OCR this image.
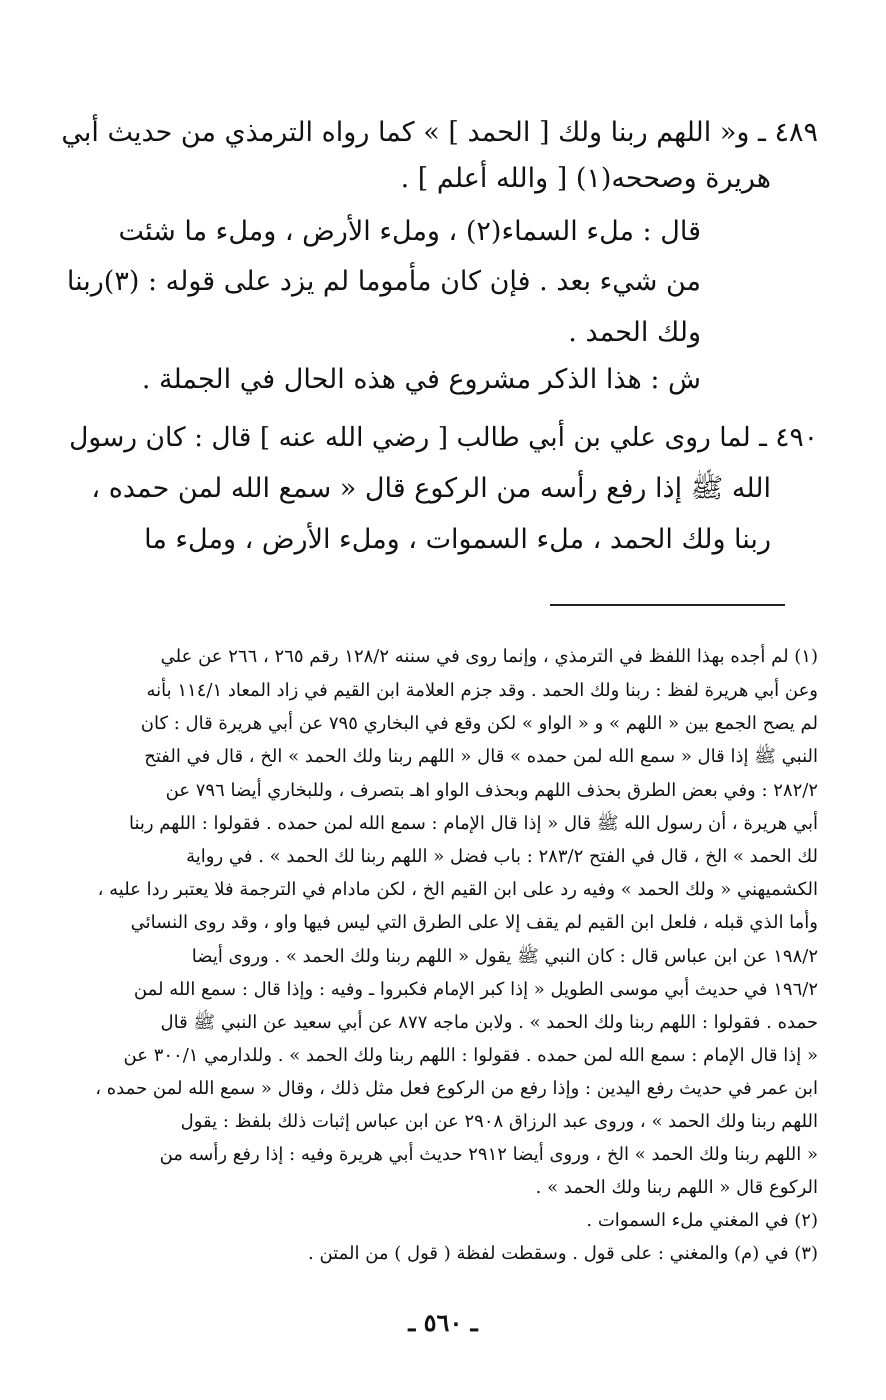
٤٨٩ ـ و« اللهم ربنا ولك [ الحمد ] » كما رواه الترمذي من حديث أبي
هريرة وصححه(١) [ والله أعلم ] .
قال : ملء السماء(٢) ، وملء الأرض ، وملء ما شئت
من شيء بعد . فإن كان مأموما لم يزد على قوله : (٣)ربنا
ولك الحمد .
ش : هذا الذكر مشروع في هذه الحال في الجملة .
٤٩٠ ـ لما روى علي بن أبي طالب [ رضي الله عنه ] قال : كان رسول
الله ﷺ إذا رفع رأسه من الركوع قال « سمع الله لمن حمده ،
ربنا ولك الحمد ، ملء السموات ، وملء الأرض ، وملء ما
(١) لم أجده بهذا اللفظ في الترمذي ، وإنما روى في سننه ١٢٨/٢ رقم ٢٦٥ ، ٢٦٦ عن علي
وعن أبي هريرة لفظ : ربنا ولك الحمد . وقد جزم العلامة ابن القيم في زاد المعاد ١١٤/١ بأنه
لم يصح الجمع بين « اللهم » و « الواو » لكن وقع في البخاري ٧٩٥ عن أبي هريرة قال : كان
النبي ﷺ إذا قال « سمع الله لمن حمده » قال « اللهم ربنا ولك الحمد » الخ ، قال في الفتح
٢٨٢/٢ : وفي بعض الطرق بحذف اللهم وبحذف الواو اهـ بتصرف ، وللبخاري أيضا ٧٩٦ عن
أبي هريرة ، أن رسول الله ﷺ قال « إذا قال الإمام : سمع الله لمن حمده . فقولوا : اللهم ربنا
لك الحمد » الخ ، قال في الفتح ٢٨٣/٢ : باب فضل « اللهم ربنا لك الحمد » . في رواية
الكشميهني « ولك الحمد » وفيه رد على ابن القيم الخ ، لكن مادام في الترجمة فلا يعتبر ردا عليه ،
وأما الذي قبله ، فلعل ابن القيم لم يقف إلا على الطرق التي ليس فيها واو ، وقد روى النسائي
١٩٨/٢ عن ابن عباس قال : كان النبي ﷺ يقول « اللهم ربنا ولك الحمد » . وروى أيضا
١٩٦/٢ في حديث أبي موسى الطويل « إذا كبر الإمام فكبروا ـ وفيه : وإذا قال : سمع الله لمن
حمده . فقولوا : اللهم ربنا ولك الحمد » . ولابن ماجه ٨٧٧ عن أبي سعيد عن النبي ﷺ قال
« إذا قال الإمام : سمع الله لمن حمده . فقولوا : اللهم ربنا ولك الحمد » . وللدارمي ٣٠٠/١ عن
ابن عمر في حديث رفع اليدين : وإذا رفع من الركوع فعل مثل ذلك ، وقال « سمع الله لمن حمده ،
اللهم ربنا ولك الحمد » ، وروى عبد الرزاق ٢٩٠٨ عن ابن عباس إثبات ذلك بلفظ : يقول
« اللهم ربنا ولك الحمد » الخ ، وروى أيضا ٢٩١٢ حديث أبي هريرة وفيه : إذا رفع رأسه من
الركوع قال « اللهم ربنا ولك الحمد » .
(٢) في المغني ملء السموات .
(٣) في (م) والمغني : على قول . وسقطت لفظة ( قول ) من المتن .
ـ ٥٦٠ ـ
